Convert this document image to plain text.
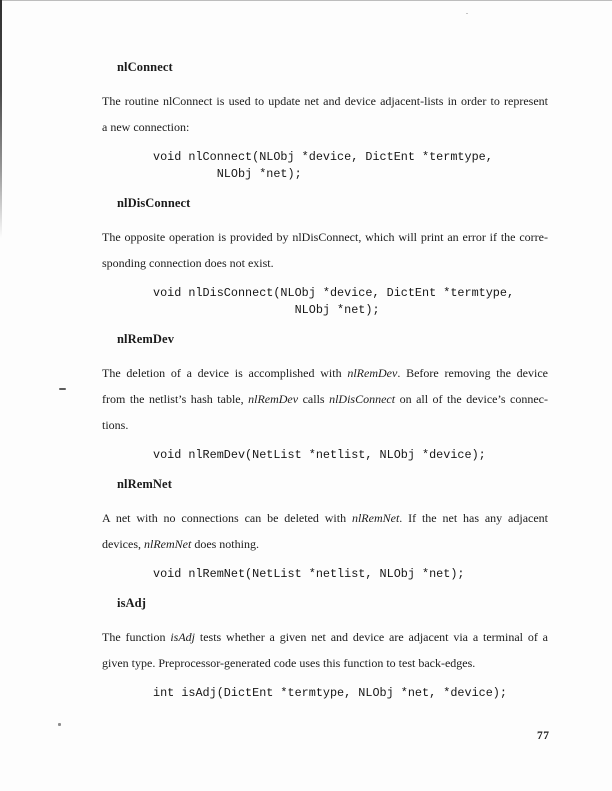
nlConnect
The routine nlConnect is used to update net and device adjacent-lists in order to represent
a new connection:
void nlConnect(NLObj *device, DictEnt *termtype,
NLObj *net);
nlDisConnect
The opposite operation is provided by nlDisConnect, which will print an error if the corre-
sponding connection does not exist.
void nlDisConnect(NLObj *device, DictEnt *termtype,
NLObj *net);
nlRemDev
The deletion of a device is accomplished with nlRemDev. Before removing the device
from the netlist’s hash table, nlRemDev calls nlDisConnect on all of the device’s connec-
tions.
void nlRemDev(NetList *netlist, NLObj *device);
nlRemNet
A net with no connections can be deleted with nlRemNet. If the net has any adjacent
devices, nlRemNet does nothing.
void nlRemNet(NetList *netlist, NLObj *net);
isAdj
The function isAdj tests whether a given net and device are adjacent via a terminal of a
given type. Preprocessor-generated code uses this function to test back-edges.
int isAdj(DictEnt *termtype, NLObj *net, *device);
77
